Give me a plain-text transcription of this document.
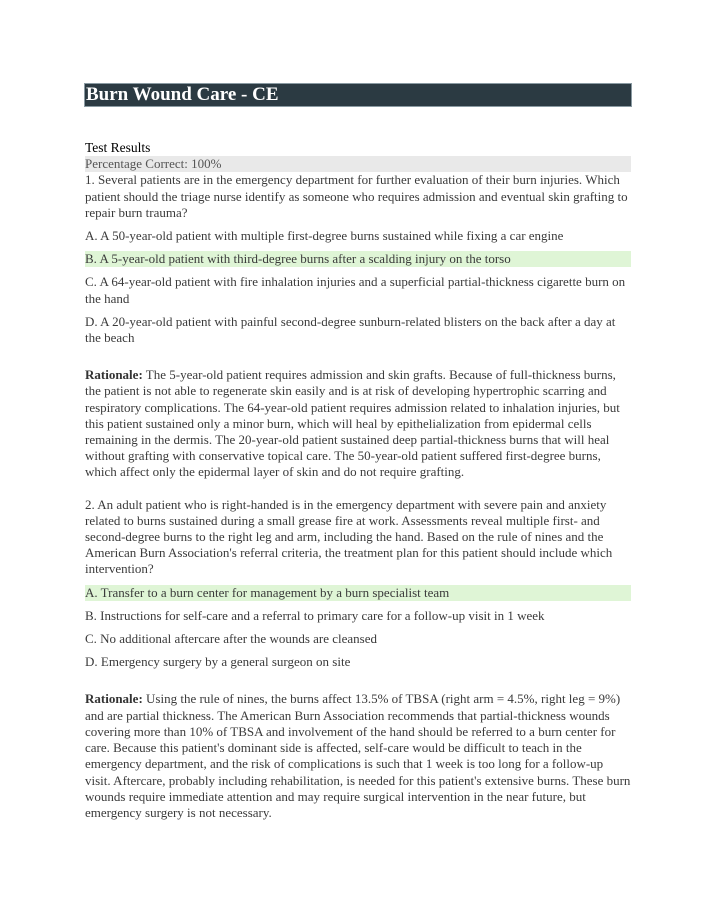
Burn Wound Care - CE
Test Results
Percentage Correct: 100%
1. Several patients are in the emergency department for further evaluation of their burn injuries. Which patient should the triage nurse identify as someone who requires admission and eventual skin grafting to repair burn trauma?
A. A 50-year-old patient with multiple first-degree burns sustained while fixing a car engine
B. A 5-year-old patient with third-degree burns after a scalding injury on the torso
C. A 64-year-old patient with fire inhalation injuries and a superficial partial-thickness cigarette burn on the hand
D. A 20-year-old patient with painful second-degree sunburn-related blisters on the back after a day at the beach
Rationale: The 5-year-old patient requires admission and skin grafts. Because of full-thickness burns, the patient is not able to regenerate skin easily and is at risk of developing hypertrophic scarring and respiratory complications. The 64-year-old patient requires admission related to inhalation injuries, but this patient sustained only a minor burn, which will heal by epithelialization from epidermal cells remaining in the dermis. The 20-year-old patient sustained deep partial-thickness burns that will heal without grafting with conservative topical care. The 50-year-old patient suffered first-degree burns, which affect only the epidermal layer of skin and do not require grafting.
2. An adult patient who is right-handed is in the emergency department with severe pain and anxiety related to burns sustained during a small grease fire at work. Assessments reveal multiple first- and second-degree burns to the right leg and arm, including the hand. Based on the rule of nines and the American Burn Association's referral criteria, the treatment plan for this patient should include which intervention?
A. Transfer to a burn center for management by a burn specialist team
B. Instructions for self-care and a referral to primary care for a follow-up visit in 1 week
C. No additional aftercare after the wounds are cleansed
D. Emergency surgery by a general surgeon on site
Rationale: Using the rule of nines, the burns affect 13.5% of TBSA (right arm = 4.5%, right leg = 9%) and are partial thickness. The American Burn Association recommends that partial-thickness wounds covering more than 10% of TBSA and involvement of the hand should be referred to a burn center for care. Because this patient's dominant side is affected, self-care would be difficult to teach in the emergency department, and the risk of complications is such that 1 week is too long for a follow-up visit. Aftercare, probably including rehabilitation, is needed for this patient's extensive burns. These burn wounds require immediate attention and may require surgical intervention in the near future, but emergency surgery is not necessary.
